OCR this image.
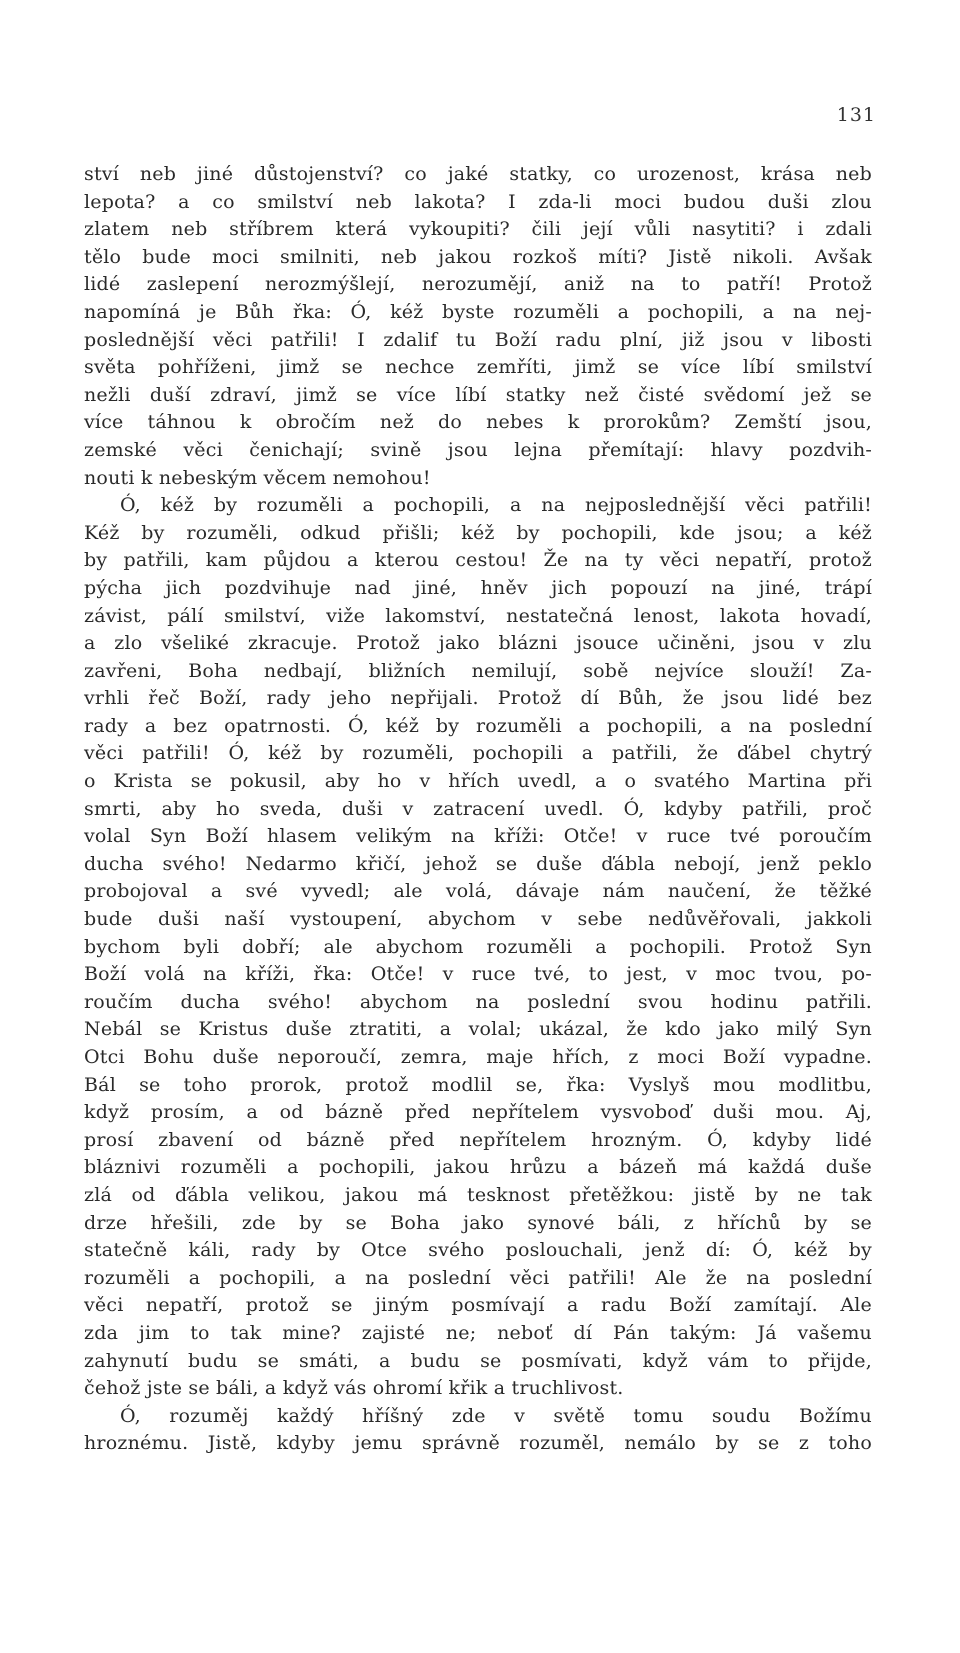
131
ství neb jiné důstojenství? co jaké statky, co urozenost, krása neb
lepota? a co smilství neb lakota? I zda-li moci budou duši zlou
zlatem neb stříbrem která vykoupiti? čili její vůli nasytiti? i zdali
tělo bude moci smilniti, neb jakou rozkoš míti? Jistě nikoli. Avšak
lidé zaslepení nerozmýšlejí, nerozumějí, aniž na to patří! Protož
napomíná je Bůh řka: Ó, kéž byste rozuměli a pochopili, a na nej-
poslednější věci patřili! I zdalif tu Boží radu plní, již jsou v libosti
světa pohříženi, jimž se nechce zemříti, jimž se více líbí smilství
nežli duší zdraví, jimž se více líbí statky než čisté svědomí jež se
více táhnou k obročím než do nebes k prorokům? Zemští jsou,
zemské věci čenichají; svině jsou lejna přemítají: hlavy pozdvih-
nouti k nebeským věcem nemohou!
Ó, kéž by rozuměli a pochopili, a na nejposlednější věci patřili!
Kéž by rozuměli, odkud přišli; kéž by pochopili, kde jsou; a kéž
by patřili, kam půjdou a kterou cestou! Že na ty věci nepatří, protož
pýcha jich pozdvihuje nad jiné, hněv jich popouzí na jiné, trápí
závist, pálí smilství, viže lakomství, nestatečná lenost, lakota hovadí,
a zlo všeliké zkracuje. Protož jako blázni jsouce učiněni, jsou v zlu
zavřeni, Boha nedbají, bližních nemilují, sobě nejvíce slouží! Za-
vrhli řeč Boží, rady jeho nepřijali. Protož dí Bůh, že jsou lidé bez
rady a bez opatrnosti. Ó, kéž by rozuměli a pochopili, a na poslední
věci patřili! Ó, kéž by rozuměli, pochopili a patřili, že ďábel chytrý
o Krista se pokusil, aby ho v hřích uvedl, a o svatého Martina při
smrti, aby ho sveda, duši v zatracení uvedl. Ó, kdyby patřili, proč
volal Syn Boží hlasem velikým na kříži: Otče! v ruce tvé poroučím
ducha svého! Nedarmo křičí, jehož se duše ďábla nebojí, jenž peklo
probojoval a své vyvedl; ale volá, dávaje nám naučení, že těžké
bude duši naší vystoupení, abychom v sebe nedůvěřovali, jakkoli
bychom byli dobří; ale abychom rozuměli a pochopili. Protož Syn
Boží volá na kříži, řka: Otče! v ruce tvé, to jest, v moc tvou, po-
roučím ducha svého! abychom na poslední svou hodinu patřili.
Nebál se Kristus duše ztratiti, a volal; ukázal, že kdo jako milý Syn
Otci Bohu duše neporoučí, zemra, maje hřích, z moci Boží vypadne.
Bál se toho prorok, protož modlil se, řka: Vyslyš mou modlitbu,
když prosím, a od bázně před nepřítelem vysvoboď duši mou. Aj,
prosí zbavení od bázně před nepřítelem hrozným. Ó, kdyby lidé
bláznivi rozuměli a pochopili, jakou hrůzu a bázeň má každá duše
zlá od ďábla velikou, jakou má tesknost přetěžkou: jistě by ne tak
drze hřešili, zde by se Boha jako synové báli, z hříchů by se
statečně káli, rady by Otce svého poslouchali, jenž dí: Ó, kéž by
rozuměli a pochopili, a na poslední věci patřili! Ale že na poslední
věci nepatří, protož se jiným posmívají a radu Boží zamítají. Ale
zda jim to tak mine? zajisté ne; neboť dí Pán takým: Já vašemu
zahynutí budu se smáti, a budu se posmívati, když vám to přijde,
čehož jste se báli, a když vás ohromí křik a truchlivost.
Ó, rozuměj každý hříšný zde v světě tomu soudu Božímu
hroznému. Jistě, kdyby jemu správně rozuměl, nemálo by se z toho
